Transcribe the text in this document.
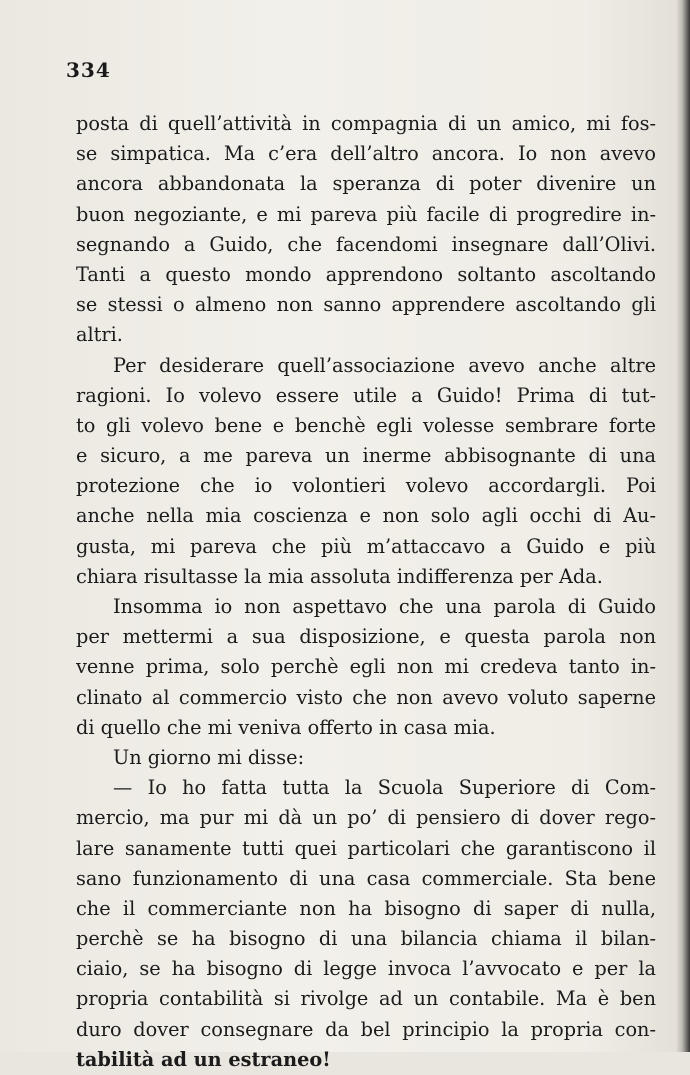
334
posta di quell’attività in compagnia di un amico, mi fos-
se simpatica. Ma c’era dell’altro ancora. Io non avevo
ancora abbandonata la speranza di poter divenire un
buon negoziante, e mi pareva più facile di progredire in-
segnando a Guido, che facendomi insegnare dall’Olivi.
Tanti a questo mondo apprendono soltanto ascoltando
se stessi o almeno non sanno apprendere ascoltando gli
altri.
Per desiderare quell’associazione avevo anche altre
ragioni. Io volevo essere utile a Guido! Prima di tut-
to gli volevo bene e benchè egli volesse sembrare forte
e sicuro, a me pareva un inerme abbisognante di una
protezione che io volontieri volevo accordargli. Poi
anche nella mia coscienza e non solo agli occhi di Au-
gusta, mi pareva che più m’attaccavo a Guido e più
chiara risultasse la mia assoluta indifferenza per Ada.
Insomma io non aspettavo che una parola di Guido
per mettermi a sua disposizione, e questa parola non
venne prima, solo perchè egli non mi credeva tanto in-
clinato al commercio visto che non avevo voluto saperne
di quello che mi veniva offerto in casa mia.
Un giorno mi disse:
— Io ho fatta tutta la Scuola Superiore di Com-
mercio, ma pur mi dà un po’ di pensiero di dover rego-
lare sanamente tutti quei particolari che garantiscono il
sano funzionamento di una casa commerciale. Sta bene
che il commerciante non ha bisogno di saper di nulla,
perchè se ha bisogno di una bilancia chiama il bilan-
ciaio, se ha bisogno di legge invoca l’avvocato e per la
propria contabilità si rivolge ad un contabile. Ma è ben
duro dover consegnare da bel principio la propria con-
tabilità ad un estraneo!
